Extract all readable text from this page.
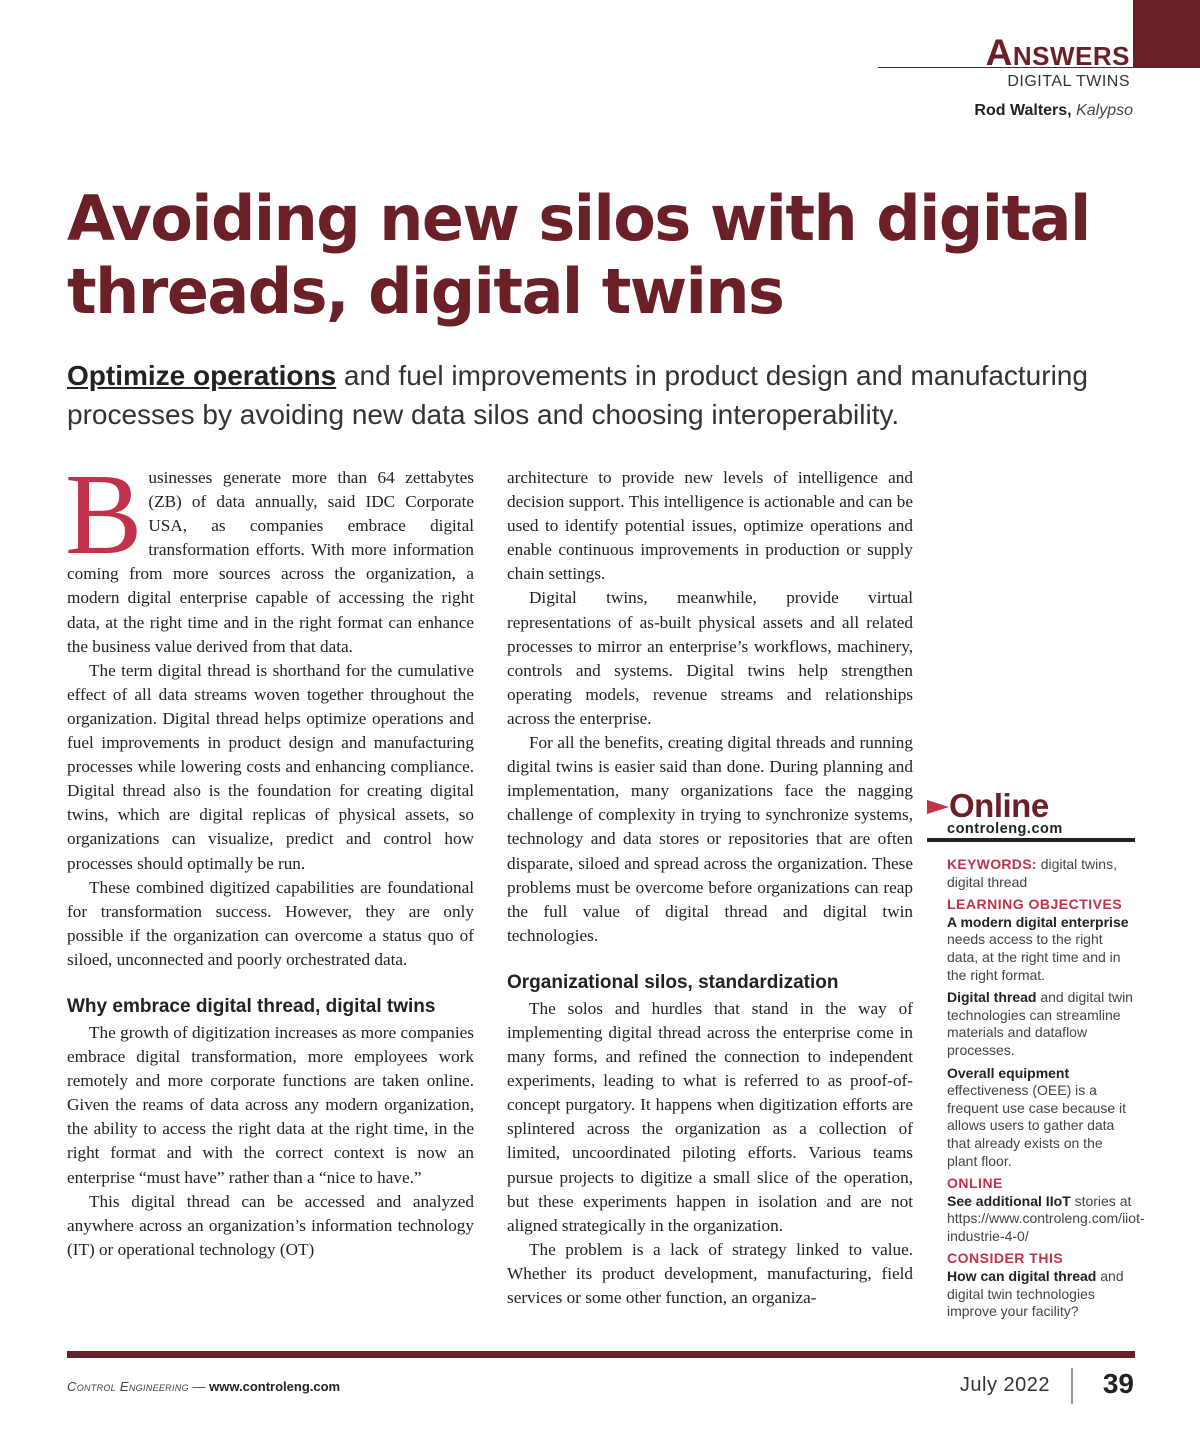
Answers
DIGITAL TWINS
Rod Walters, Kalypso
Avoiding new silos with digital threads, digital twins
Optimize operations and fuel improvements in product design and manufacturing processes by avoiding new data silos and choosing interoperability.
B usinesses generate more than 64 zettabytes (ZB) of data annually, said IDC Corporate USA, as companies embrace digital transformation efforts. With more information coming from more sources across the organization, a modern digital enterprise capable of accessing the right data, at the right time and in the right format can enhance the business value derived from that data.

The term digital thread is shorthand for the cumulative effect of all data streams woven together throughout the organization. Digital thread helps optimize operations and fuel improvements in product design and manufacturing processes while lowering costs and enhancing compliance. Digital thread also is the foundation for creating digital twins, which are digital replicas of physical assets, so organizations can visualize, predict and control how processes should optimally be run.

These combined digitized capabilities are foundational for transformation success. However, they are only possible if the organization can overcome a status quo of siloed, unconnected and poorly orchestrated data.

Why embrace digital thread, digital twins

The growth of digitization increases as more companies embrace digital transformation, more employees work remotely and more corporate functions are taken online. Given the reams of data across any modern organization, the ability to access the right data at the right time, in the right format and with the correct context is now an enterprise “must have” rather than a “nice to have.”

This digital thread can be accessed and analyzed anywhere across an organization’s information technology (IT) or operational technology (OT)

architecture to provide new levels of intelligence and decision support. This intelligence is actionable and can be used to identify potential issues, optimize operations and enable continuous improvements in production or supply chain settings.

Digital twins, meanwhile, provide virtual representations of as-built physical assets and all related processes to mirror an enterprise’s workflows, machinery, controls and systems. Digital twins help strengthen operating models, revenue streams and relationships across the enterprise.

For all the benefits, creating digital threads and running digital twins is easier said than done. During planning and implementation, many organizations face the nagging challenge of complexity in trying to synchronize systems, technology and data stores or repositories that are often disparate, siloed and spread across the organization. These problems must be overcome before organizations can reap the full value of digital thread and digital twin technologies.

Organizational silos, standardization

The solos and hurdles that stand in the way of implementing digital thread across the enterprise come in many forms, and refined the connection to independent experiments, leading to what is referred to as proof-of-concept purgatory. It happens when digitization efforts are splintered across the organization as a collection of limited, uncoordinated piloting efforts. Various teams pursue projects to digitize a small slice of the operation, but these experiments happen in isolation and are not aligned strategically in the organization.

The problem is a lack of strategy linked to value. Whether its product development, manufacturing, field services or some other function, an organiza-

Online
controleng.com
KEYWORDS: digital twins, digital thread
LEARNING OBJECTIVES
A modern digital enterprise needs access to the right data, at the right time and in the right format.
Digital thread and digital twin technologies can streamline materials and dataflow processes.
Overall equipment effectiveness (OEE) is a frequent use case because it allows users to gather data that already exists on the plant floor.
ONLINE
See additional IIoT stories at https://www.controleng.com/iiot-industrie-4-0/
CONSIDER THIS
How can digital thread and digital twin technologies improve your facility?
Control Engineering — www.controleng.com	July 2022 39
